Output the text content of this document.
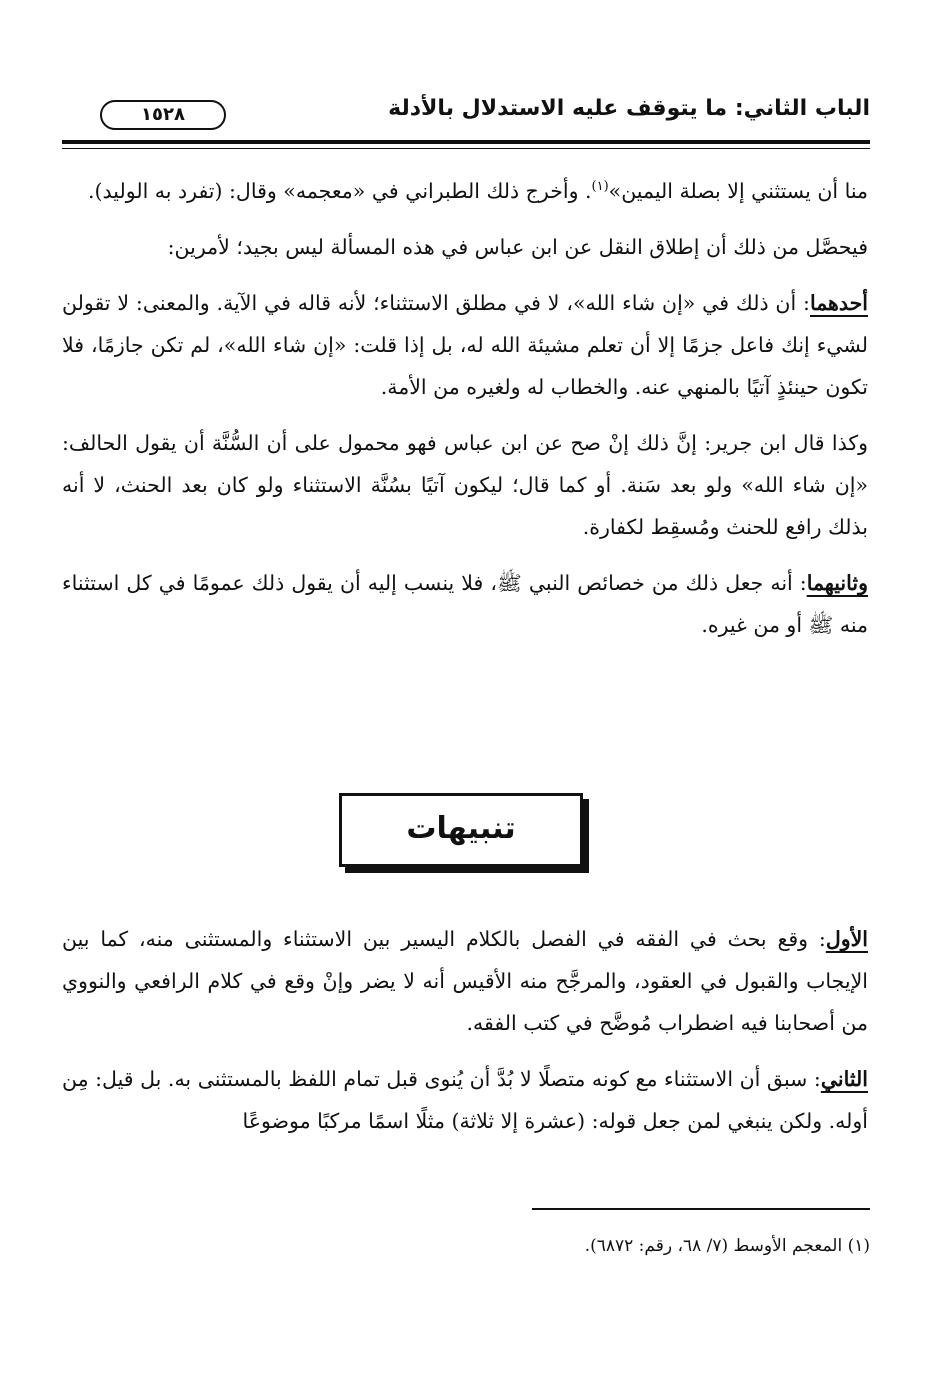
١٥٢٨	الباب الثاني: ما يتوقف عليه الاستدلال بالأدلة

منا أن يستثني إلا بصلة اليمين»$^{(١)}$. وأخرج ذلك الطبراني في «معجمه» وقال: (تفرد به الوليد).

فيحصَّل من ذلك أن إطلاق النقل عن ابن عباس في هذه المسألة ليس بجيد؛ لأمرين:

أحدهما: أن ذلك في «إن شاء الله»، لا في مطلق الاستثناء؛ لأنه قاله في الآية. والمعنى: لا تقولن لشيء إنك فاعل جزمًا إلا أن تعلم مشيئة الله له، بل إذا قلت: «إن شاء الله»، لم تكن جازمًا، فلا تكون حينئذٍ آتيًا بالمنهي عنه. والخطاب له ولغيره من الأمة.

وكذا قال ابن جرير: إنَّ ذلك إنْ صح عن ابن عباس فهو محمول على أن السُّنَّة أن يقول الحالف: «إن شاء الله» ولو بعد سَنة. أو كما قال؛ ليكون آتيًا بسُنَّة الاستثناء ولو كان بعد الحنث، لا أنه بذلك رافع للحنث ومُسقِط لكفارة.

وثانيهما: أنه جعل ذلك من خصائص النبي ﷺ، فلا ينسب إليه أن يقول ذلك عمومًا في كل استثناء منه ﷺ أو من غيره.

تنبيهات

الأول: وقع بحث في الفقه في الفصل بالكلام اليسير بين الاستثناء والمستثنى منه، كما بين الإيجاب والقبول في العقود، والمرجَّح منه الأقيس أنه لا يضر وإنْ وقع في كلام الرافعي والنووي من أصحابنا فيه اضطراب مُوضَّح في كتب الفقه.

الثاني: سبق أن الاستثناء مع كونه متصلًا لا بُدَّ أن يُنوى قبل تمام اللفظ بالمستثنى به. بل قيل: مِن أوله. ولكن ينبغي لمن جعل قوله: (عشرة إلا ثلاثة) مثلًا اسمًا مركبًا موضوعًا

(١) المعجم الأوسط (٧/ ٦٨، رقم: ٦٨٧٢).
